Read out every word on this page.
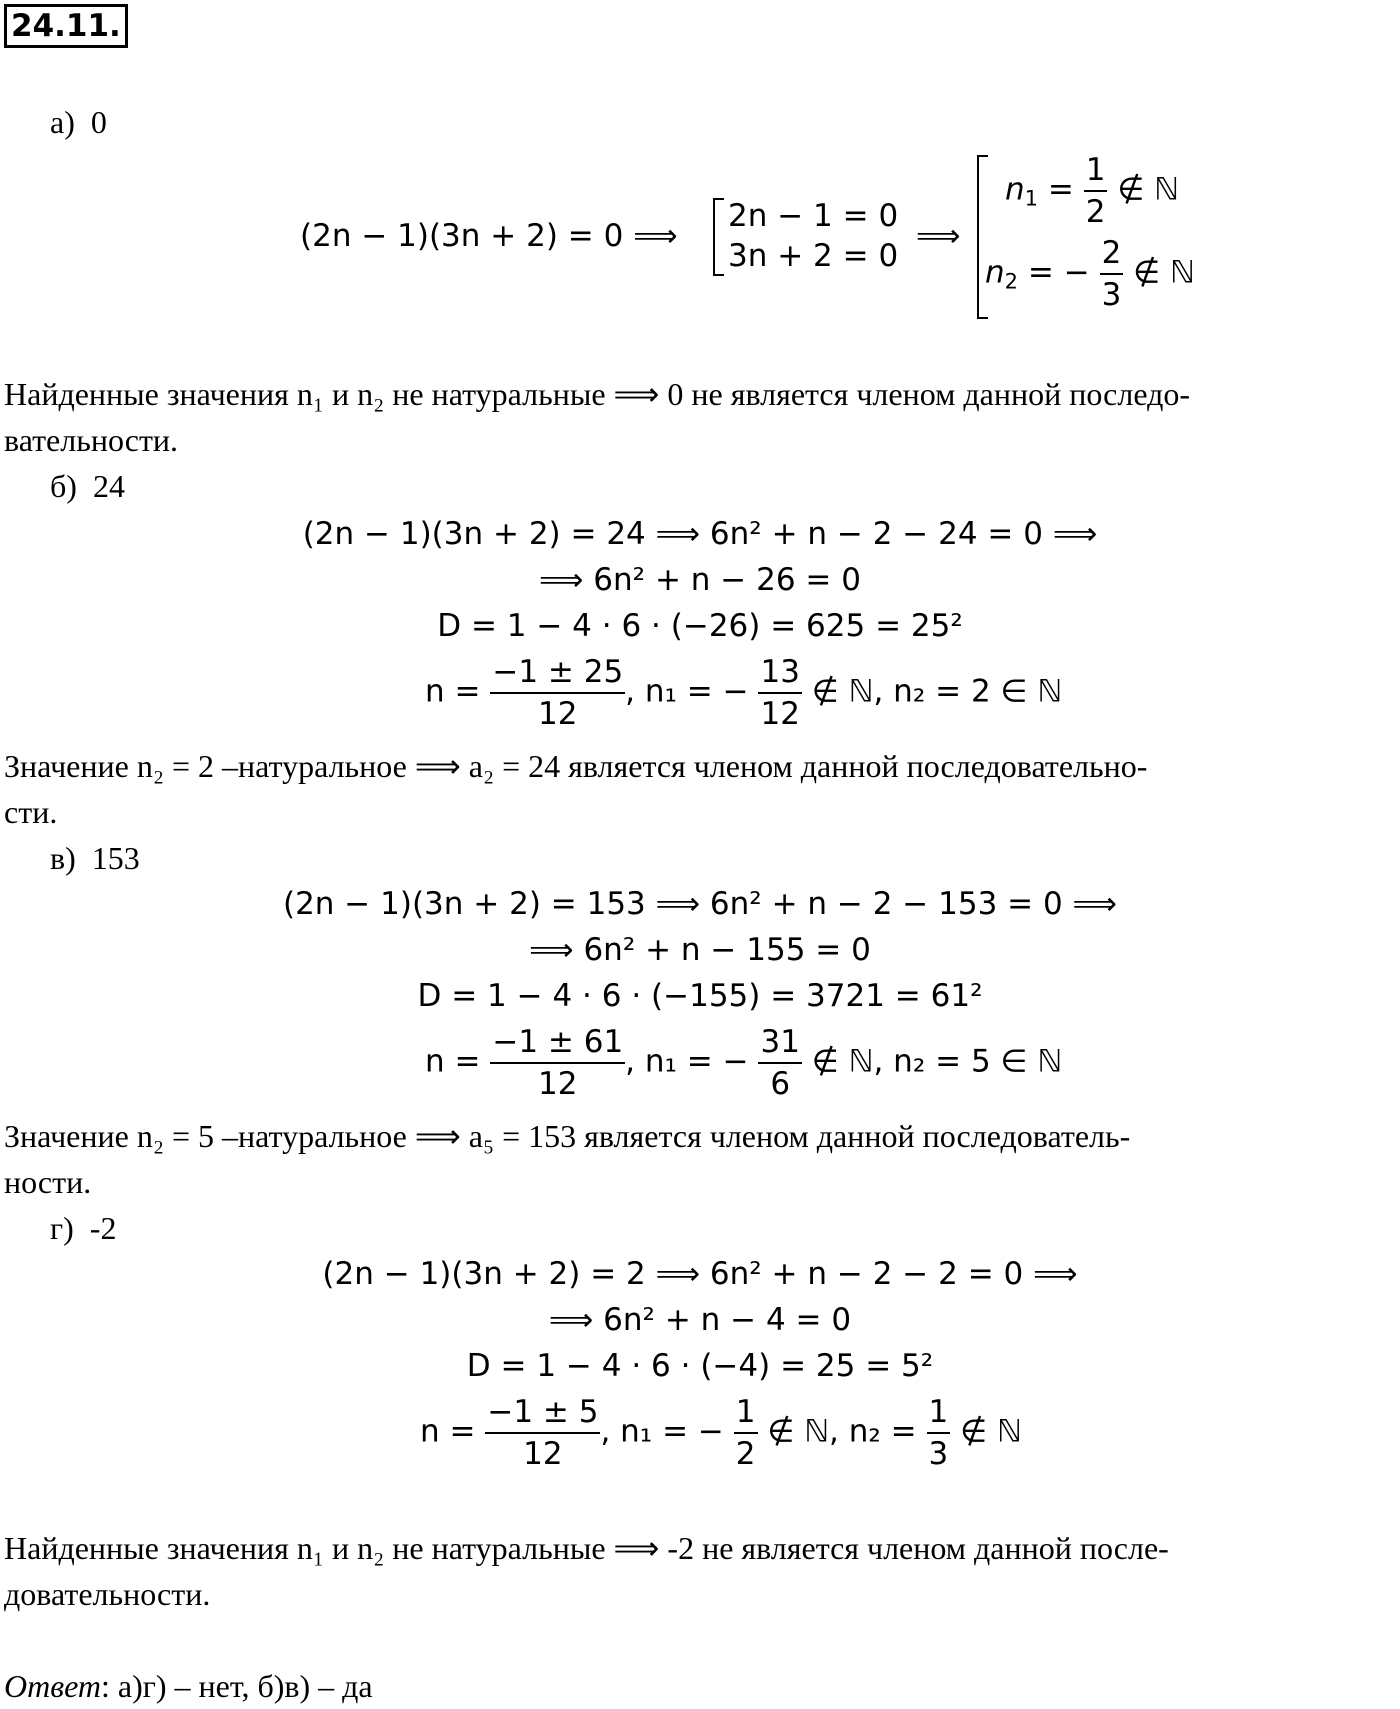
24.11.
а) 0
(2n − 1)(3n + 2) = 0 ⟹
2n − 1 = 0
3n + 2 = 0
⟹
$n_1 = \frac{1}{2}$ ∉ ℕ
$n_2$ = − $\frac{2}{3}$ ∉ ℕ
Найденные значения n₁ и n₂ не натуральные ⟹ 0 не является членом данной последо-
вательности.
б) 24
(2n − 1)(3n + 2) = 24 ⟹ 6n² + n − 2 − 24 = 0 ⟹
⟹ 6n² + n − 26 = 0
D = 1 − 4 · 6 · (−26) = 625 = 25²
$n = \frac{-1 \pm 25}{12}$ , n₁ = − $\frac{13}{12}$ ∉ ℕ, n₂ = 2 ∈ ℕ
Значение n₂ = 2 –натуральное ⟹ a₂ = 24 является членом данной последовательно-
сти.
в) 153
(2n − 1)(3n + 2) = 153 ⟹ 6n² + n − 2 − 153 = 0 ⟹
⟹ 6n² + n − 155 = 0
D = 1 − 4 · 6 · (−155) = 3721 = 61²
$n = \frac{-1 \pm 61}{12}$ , n₁ = − $\frac{31}{6}$ ∉ ℕ, n₂ = 5 ∈ ℕ
Значение n₂ = 5 –натуральное ⟹ a₅ = 153 является членом данной последователь-
ности.
г) -2
(2n − 1)(3n + 2) = 2 ⟹ 6n² + n − 2 − 2 = 0 ⟹
⟹ 6n² + n − 4 = 0
D = 1 − 4 · 6 · (−4) = 25 = 5²
$n = \frac{-1 \pm 5}{12}$ , n₁ = − $\frac{1}{2}$ ∉ ℕ, $n_2 = \frac{1}{3}$ ∉ ℕ
Найденные значения n₁ и n₂ не натуральные ⟹ -2 не является членом данной после-
довательности.
Ответ: а)г) – нет, б)в) – да
